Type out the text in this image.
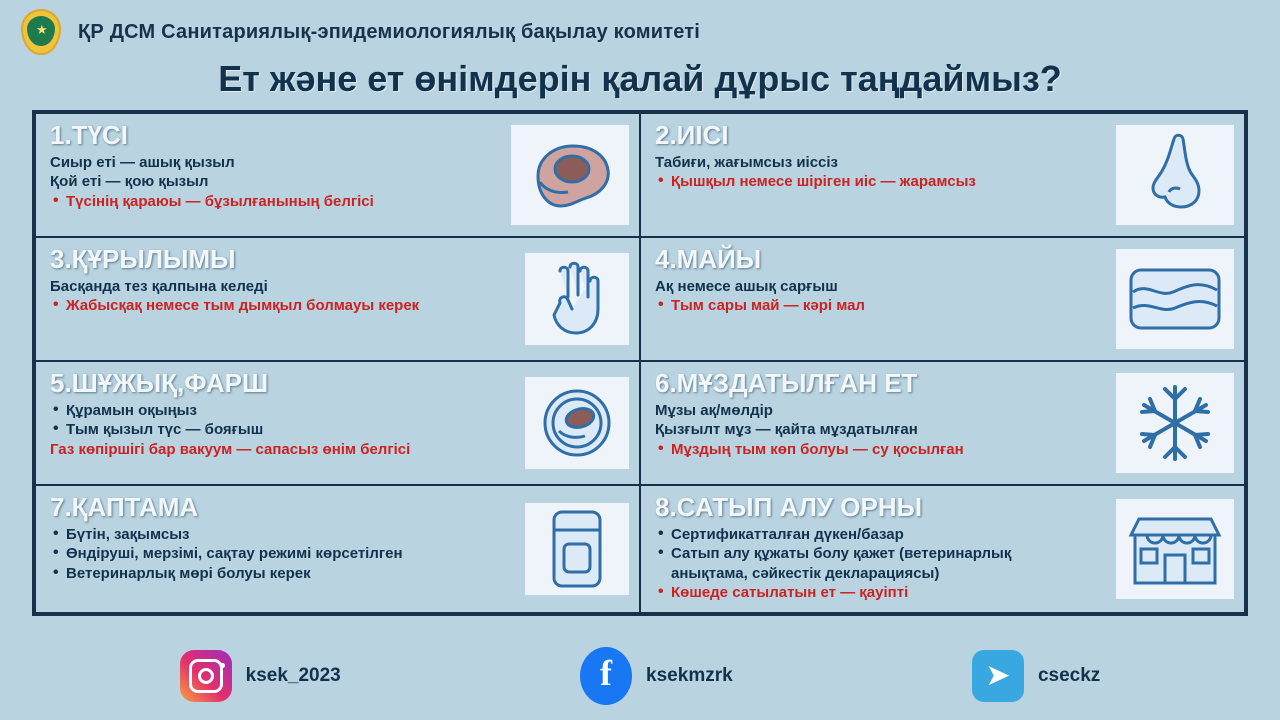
★ ҚР ДСМ Санитариялық-эпидемиологиялық бақылау комитеті
Ет және ет өнімдерін қалай дұрыс таңдаймыз?
1.ТҮСІ
Сиыр еті — ашық қызыл
Қой еті — қою қызыл
• Түсінің қараюы — бұзылғанының белгісі
2.ИІСІ
Табиғи, жағымсыз иіссіз
• Қышқыл немесе шіріген иіс — жарамсыз
3.ҚҰРЫЛЫМЫ
Басқанда тез қалпына келеді
• Жабысқақ немесе тым дымқыл болмауы керек
4.МАЙЫ
Ақ немесе ашық сарғыш
• Тым сары май — кәрі мал
5.ШҰЖЫҚ,ФАРШ
• Құрамын оқыңыз
• Тым қызыл түс — бояғыш
Газ көпіршігі бар вакуум — сапасыз өнім белгісі
6.МҰЗДАТЫЛҒАН ЕТ
Мұзы ақ/мөлдір
Қызғылт мұз — қайта мұздатылған
• Мұздың тым көп болуы — су қосылған
7.ҚАПТАМА
• Бүтін, зақымсыз
• Өндіруші, мерзімі, сақтау режимі көрсетілген
• Ветеринарлық мөрі болуы керек
8.САТЫП АЛУ ОРНЫ
• Сертификатталған дүкен/базар
• Сатып алу құжаты болу қажет (ветеринарлық
анықтама, сәйкестік декларациясы)
• Көшеде сатылатын ет — қауіпті
ksek_2023	f	ksekmzrk	➤	cseckz
